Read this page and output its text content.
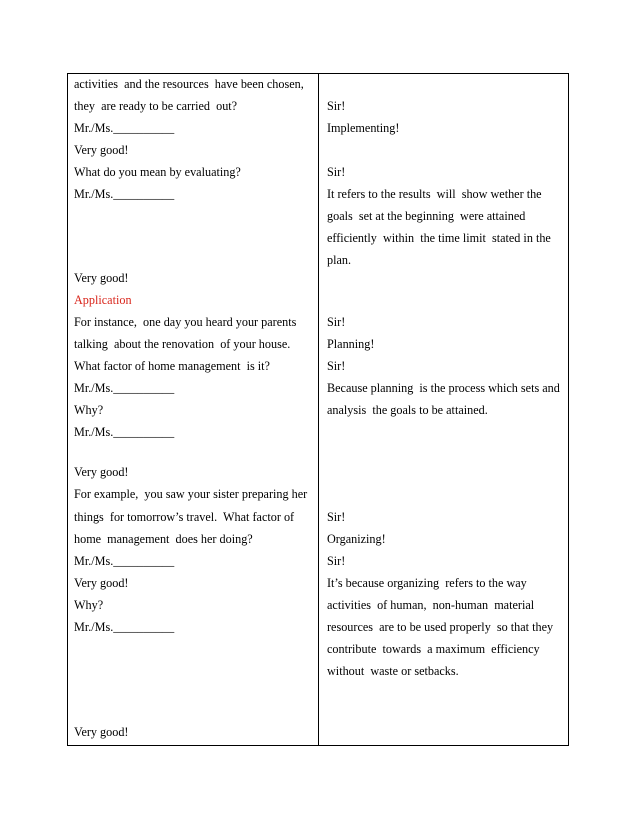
activities  and the resources  have been chosen,
they  are ready to be carried  out?
Mr./Ms.__________
Very good!
What do you mean by evaluating?
Mr./Ms.__________
Very good!
Application
For instance,  one day you heard your parents
talking  about the renovation  of your house.
What factor of home management  is it?
Mr./Ms.__________
Why?
Mr./Ms.__________
Very good!
For example,  you saw your sister preparing her
things  for tomorrow’s travel.  What factor of
home  management  does her doing?
Mr./Ms.__________
Very good!
Why?
Mr./Ms.__________
Very good!
Sir!
Implementing!
Sir!
It refers to the results  will  show wether the
goals  set at the beginning  were attained
efficiently  within  the time limit  stated in the
plan.
Sir!
Planning!
Sir!
Because planning  is the process which sets and
analysis  the goals to be attained.
Sir!
Organizing!
Sir!
It’s because organizing  refers to the way
activities  of human,  non-human  material
resources  are to be used properly  so that they
contribute  towards  a maximum  efficiency
without  waste or setbacks.
